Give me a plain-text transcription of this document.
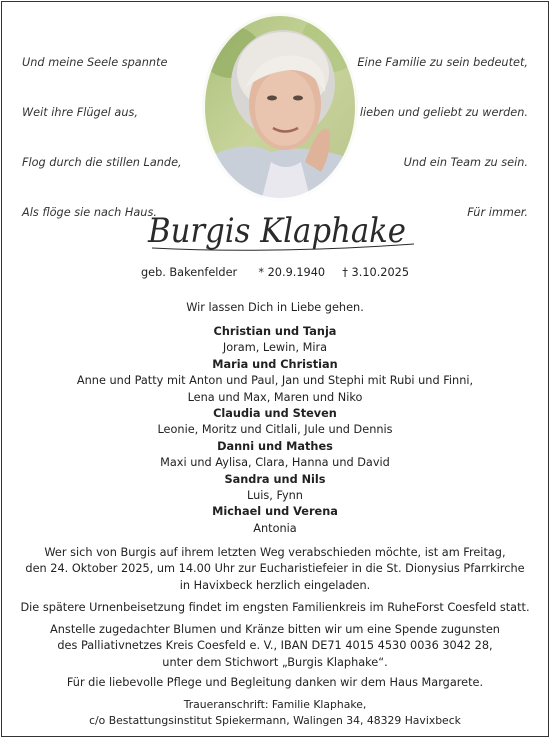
Und meine Seele spannte

Weit ihre Flügel aus,

Flog durch die stillen Lande,

Als flöge sie nach Haus.

Eine Familie zu sein bedeutet,

lieben und geliebt zu werden.

Und ein Team zu sein.

Für immer.

Burgis Klaphake
geb. Bakenfelder * 20.9.1940 † 3.10.2025
Wir lassen Dich in Liebe gehen.
Christian und Tanja
Joram, Lewin, Mira
Maria und Christian
Anne und Patty mit Anton und Paul, Jan und Stephi mit Rubi und Finni,
Lena und Max, Maren und Niko
Claudia und Steven
Leonie, Moritz und Citlali, Jule und Dennis
Danni und Mathes
Maxi und Aylisa, Clara, Hanna und David
Sandra und Nils
Luis, Fynn
Michael und Verena
Antonia
Wer sich von Burgis auf ihrem letzten Weg verabschieden möchte, ist am Freitag,
den 24. Oktober 2025, um 14.00 Uhr zur Eucharistiefeier in die St. Dionysius Pfarrkirche
in Havixbeck herzlich eingeladen.
Die spätere Urnenbeisetzung findet im engsten Familienkreis im RuheForst Coesfeld statt.
Anstelle zugedachter Blumen und Kränze bitten wir um eine Spende zugunsten
des Palliativnetzes Kreis Coesfeld e. V., IBAN DE71 4015 4530 0036 3042 28,
unter dem Stichwort „Burgis Klaphake“.
Für die liebevolle Pflege und Begleitung danken wir dem Haus Margarete.
Traueranschrift: Familie Klaphake,
c/o Bestattungsinstitut Spiekermann, Walingen 34, 48329 Havixbeck
